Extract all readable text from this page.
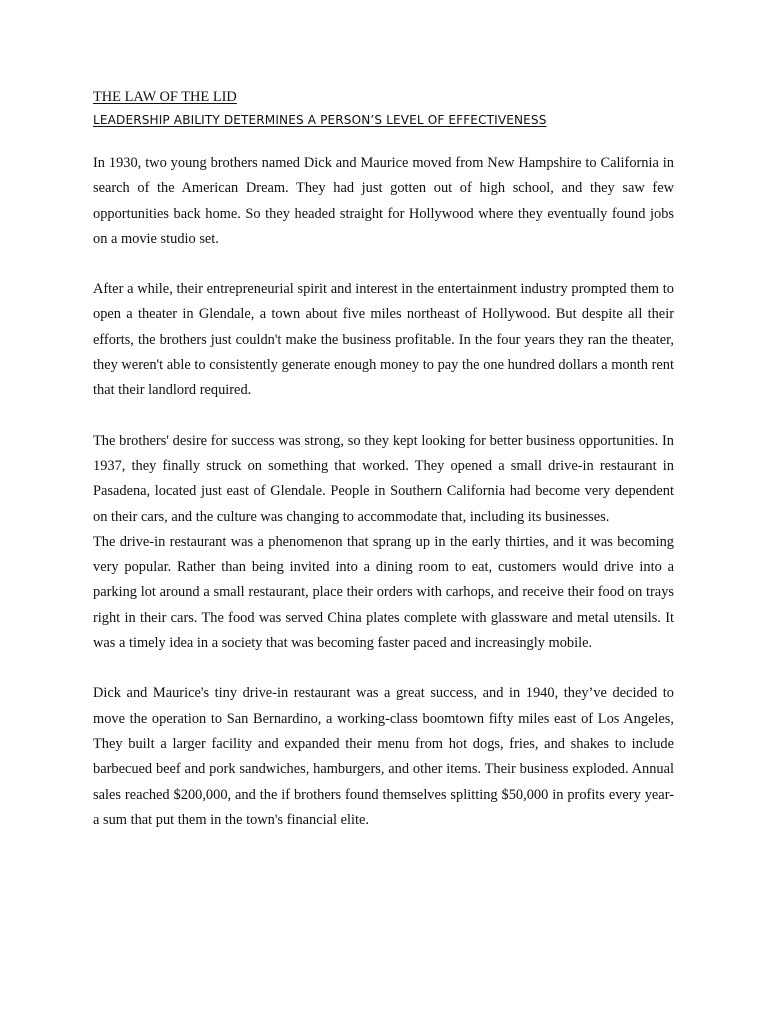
THE LAW OF THE LID
LEADERSHIP ABILITY DETERMINES A PERSON’S LEVEL OF EFFECTIVENESS

In 1930, two young brothers named Dick and Maurice moved from New Hampshire to California in search of the American Dream. They had just gotten out of high school, and they saw few opportunities back home. So they headed straight for Hollywood where they eventually found jobs on a movie studio set.

After a while, their entrepreneurial spirit and interest in the entertainment industry prompted them to open a theater in Glendale, a town about five miles northeast of Hollywood. But despite all their efforts, the brothers just couldn't make the business profitable. In the four years they ran the theater, they weren't able to consistently generate enough money to pay the one hundred dollars a month rent that their landlord required.

The brothers' desire for success was strong, so they kept looking for better business opportunities. In 1937, they finally struck on something that worked. They opened a small drive-in restaurant in Pasadena, located just east of Glendale. People in Southern California had become very dependent on their cars, and the culture was changing to accommodate that, including its businesses.

The drive-in restaurant was a phenomenon that sprang up in the early thirties, and it was becoming very popular. Rather than being invited into a dining room to eat, customers would drive into a parking lot around a small restaurant, place their orders with carhops, and receive their food on trays right in their cars. The food was served China plates complete with glassware and metal utensils. It was a timely idea in a society that was becoming faster paced and increasingly mobile.

Dick and Maurice's tiny drive-in restaurant was a great success, and in 1940, they’ve decided to move the operation to San Bernardino, a working-class boomtown fifty miles east of Los Angeles, They built a larger facility and expanded their menu from hot dogs, fries, and shakes to include barbecued beef and pork sandwiches, hamburgers, and other items. Their business exploded. Annual sales reached $200,000, and the if brothers found themselves splitting $50,000 in profits every year-a sum that put them in the town's financial elite.
